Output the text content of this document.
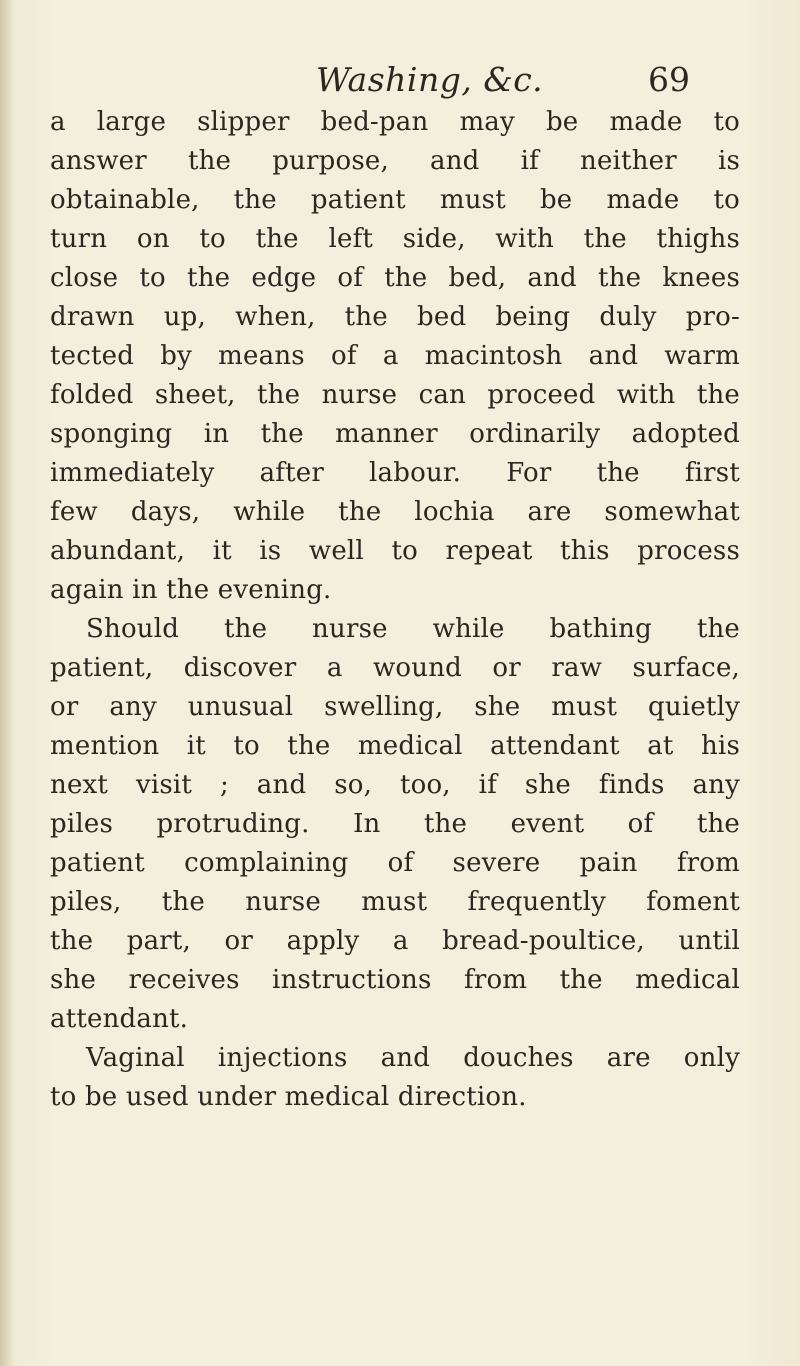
Washing, &c.	69
a large slipper bed-pan may be made to
answer the purpose, and if neither is
obtainable, the patient must be made to
turn on to the left side, with the thighs
close to the edge of the bed, and the knees
drawn up, when, the bed being duly pro-
tected by means of a macintosh and warm
folded sheet, the nurse can proceed with the
sponging in the manner ordinarily adopted
immediately after labour. For the first
few days, while the lochia are somewhat
abundant, it is well to repeat this process
again in the evening.
Should the nurse while bathing the
patient, discover a wound or raw surface,
or any unusual swelling, she must quietly
mention it to the medical attendant at his
next visit ; and so, too, if she finds any
piles protruding. In the event of the
patient complaining of severe pain from
piles, the nurse must frequently foment
the part, or apply a bread-poultice, until
she receives instructions from the medical
attendant.
Vaginal injections and douches are only
to be used under medical direction.
